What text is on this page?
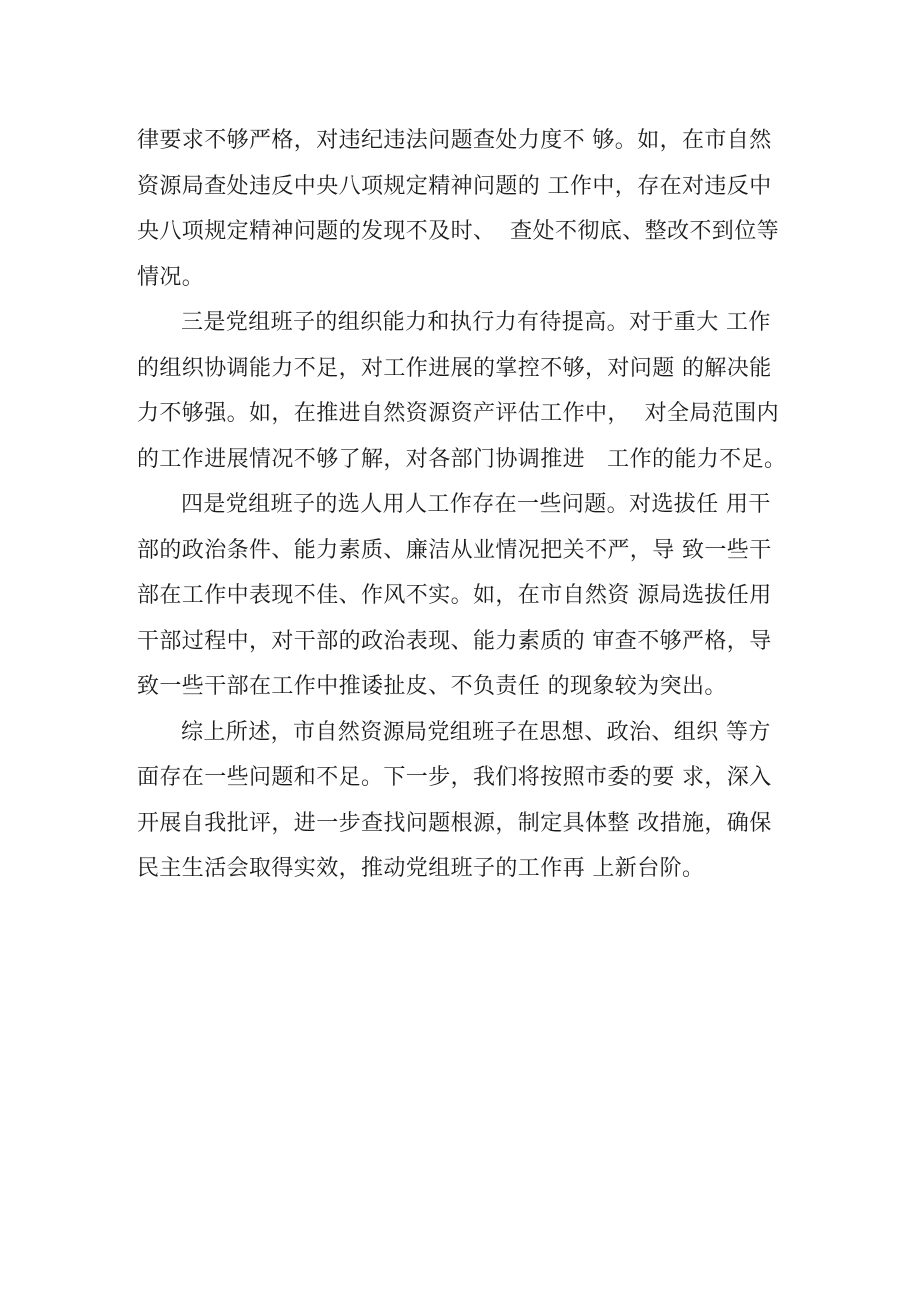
律要求不够严格，对违纪违法问题查处力度不 够。如，在市自然
资源局查处违反中央八项规定精神问题的 工作中，存在对违反中
央八项规定精神问题的发现不及时、  查处不彻底、整改不到位等
情况。
三是党组班子的组织能力和执行力有待提高。对于重大 工作
的组织协调能力不足，对工作进展的掌控不够，对问题 的解决能
力不够强。如，在推进自然资源资产评估工作中，  对全局范围内
的工作进展情况不够了解，对各部门协调推进   工作的能力不足。
四是党组班子的选人用人工作存在一些问题。对选拔任 用干
部的政治条件、能力素质、廉洁从业情况把关不严，导 致一些干
部在工作中表现不佳、作风不实。如，在市自然资 源局选拔任用
干部过程中，对干部的政治表现、能力素质的 审查不够严格，导
致一些干部在工作中推诿扯皮、不负责任 的现象较为突出。
综上所述，市自然资源局党组班子在思想、政治、组织 等方
面存在一些问题和不足。下一步，我们将按照市委的要 求，深入
开展自我批评，进一步查找问题根源，制定具体整 改措施，确保
民主生活会取得实效，推动党组班子的工作再 上新台阶。
